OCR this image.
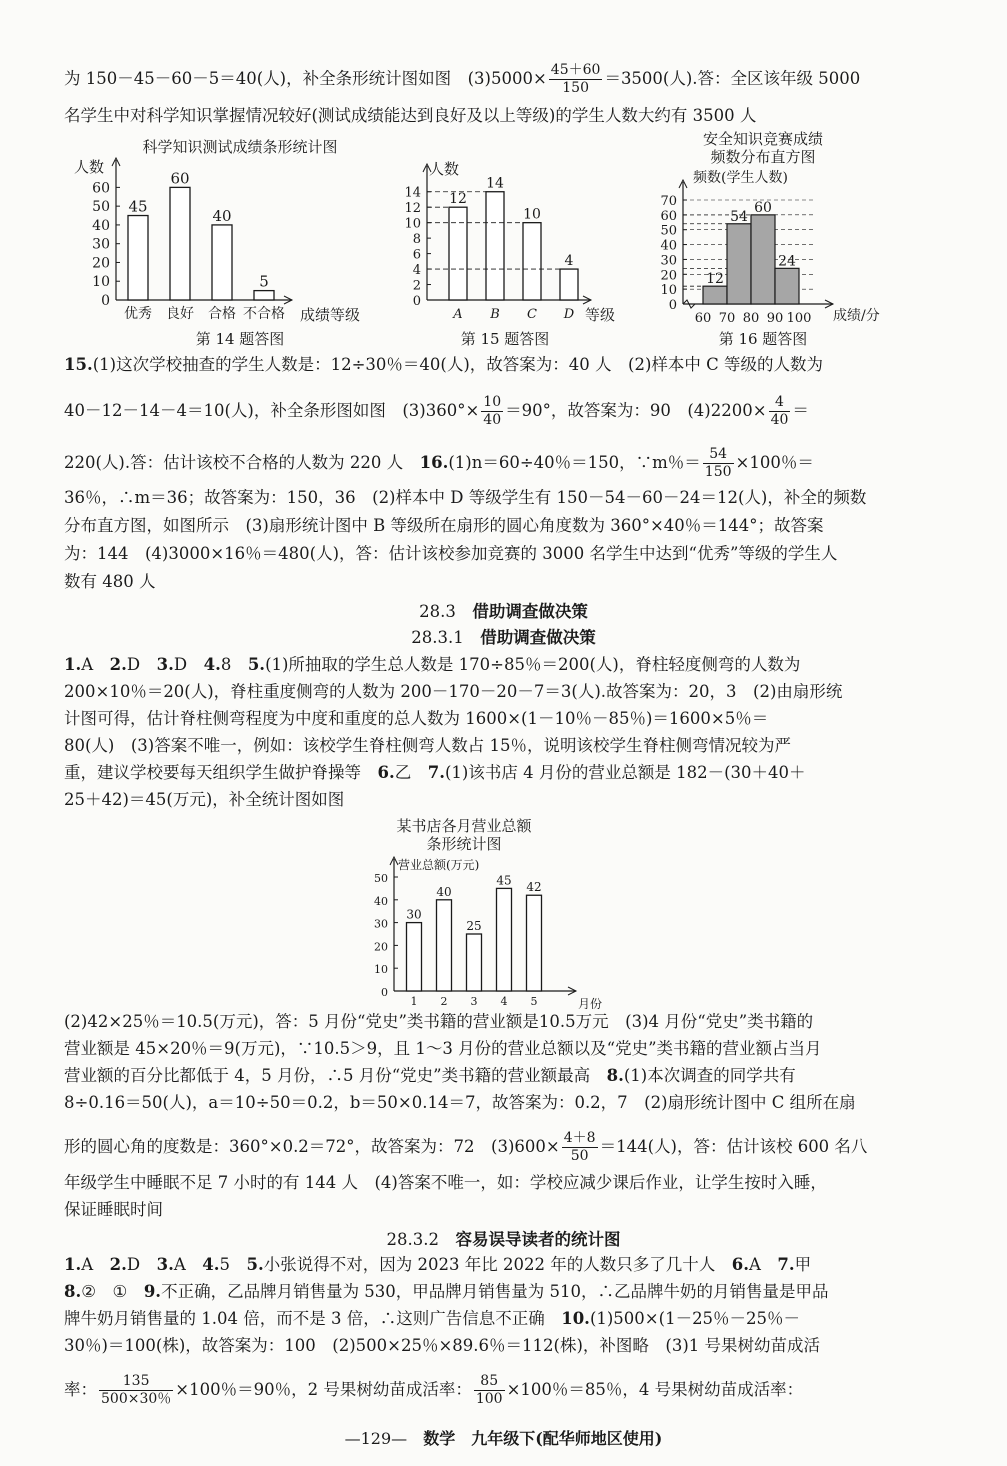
为 150－45－60－5＝40(人)，补全条形统计图如图　$(3)5000\times \frac{45+60}{150} =3500$(人).答：全区该年级 5000
名学生中对科学知识掌握情况较好(测试成绩能达到良好及以上等级)的学生人数大约有 3500 人
科学知识测试成绩条形统计图
人数
0
10
20
30
40
50
60
45
优秀
60
良好
40
合格
5
不合格 成绩等级
第 14 题答图
人数
0
2
4
6
8
10
12
14 12
A
14
B
10
C
4
D 等级
第 15 题答图
安全知识竞赛成绩
频数分布直方图
频数(学生人数)
0
10
20
30
40
50
60
70
12
54
60
24
60 70 80 90 100 成绩/分
第 16 题答图
15.(1)这次学校抽查的学生人数是：12÷30％＝40(人)，故答案为：40 人　(2)样本中 C 等级的人数为
40－12－14－4＝10(人)，补全条形图如图　$(3)360^\circ\times \frac{10}{40} =90^\circ$，故答案为：90　$(4)2200\times \frac{4}{40}$ ＝
220(人).答：估计该校不合格的人数为 220 人　16.(1)n＝60÷40％＝150，∵m％＝ $\frac{54}{150} \times 100$％＝
36％，∴m＝36；故答案为：150，36　(2)样本中 D 等级学生有 150－54－60－24＝12(人)，补全的频数
分布直方图，如图所示　(3)扇形统计图中 B 等级所在扇形的圆心角度数为 360°×40％＝144°；故答案
为：144　(4)3000×16％＝480(人)，答：估计该校参加竞赛的 3000 名学生中达到“优秀”等级的学生人
数有 480 人
28.3　 借助调查做决策
28.3.1　 借助调查做决策
1.A　2.D　3.D　4.8　5.(1)所抽取的学生总人数是 170÷85％＝200(人)，脊柱轻度侧弯的人数为
200×10％＝20(人)，脊柱重度侧弯的人数为 200－170－20－7＝3(人).故答案为：20，3　(2)由扇形统
计图可得，估计脊柱侧弯程度为中度和重度的总人数为 1600×(1－10％－85％)＝1600×5％＝
80(人)　(3)答案不唯一，例如：该校学生脊柱侧弯人数占 15％，说明该校学生脊柱侧弯情况较为严
重，建议学校要每天组织学生做护脊操等　6.乙　7.(1)该书店 4 月份的营业总额是 182－(30＋40＋
25＋42)＝45(万元)，补全统计图如图
某书店各月营业总额
条形统计图
营业总额(万元)
0
10
20
30
40
50
30
1
40
2
25
3
45
4
42
5	月份
(2)42×25％＝10.5(万元)，答：5 月份“党史”类书籍的营业额是10.5万元　(3)4 月份“党史”类书籍的
营业额是 45×20％＝9(万元)，∵10.5＞9，且 1～3 月份的营业总额以及“党史”类书籍的营业额占当月
营业额的百分比都低于 4，5 月份，∴5 月份“党史”类书籍的营业额最高　8.(1)本次调查的同学共有
8÷0.16＝50(人)，a＝10÷50＝0.2，b＝50×0.14＝7，故答案为：0.2，7　(2)扇形统计图中 C 组所在扇
形的圆心角的度数是：360°×0.2＝72°，故答案为：72　$(3)600\times \frac{4+8}{50} =144$(人)，答：估计该校 600 名八
年级学生中睡眠不足 7 小时的有 144 人　(4)答案不唯一，如：学校应减少课后作业，让学生按时入睡，
保证睡眠时间
28.3.2　 容易误导读者的统计图
1.A　2.D　3.A　4.5　5.小张说得不对，因为 2023 年比 2022 年的人数只多了几十人　6.A　7.甲
8.②　①　9.不正确，乙品牌月销售量为 530，甲品牌月销售量为 510，∴乙品牌牛奶的月销售量是甲品
牌牛奶月销售量的 1.04 倍，而不是 3 倍，∴这则广告信息不正确　10.(1)500×(1－25％－25％－
30％)＝100(株)，故答案为：100　(2)500×25％×89.6％＝112(株)，补图略　(3)1 号果树幼苗成活
率： $\frac{135}{500\times 30\%} \times 100$％＝90％，2 号果树幼苗成活率： $\frac{85}{100} \times 100$％＝85％，4 号果树幼苗成活率：
—129—　 数学　 九年级下(配华师地区使用)
